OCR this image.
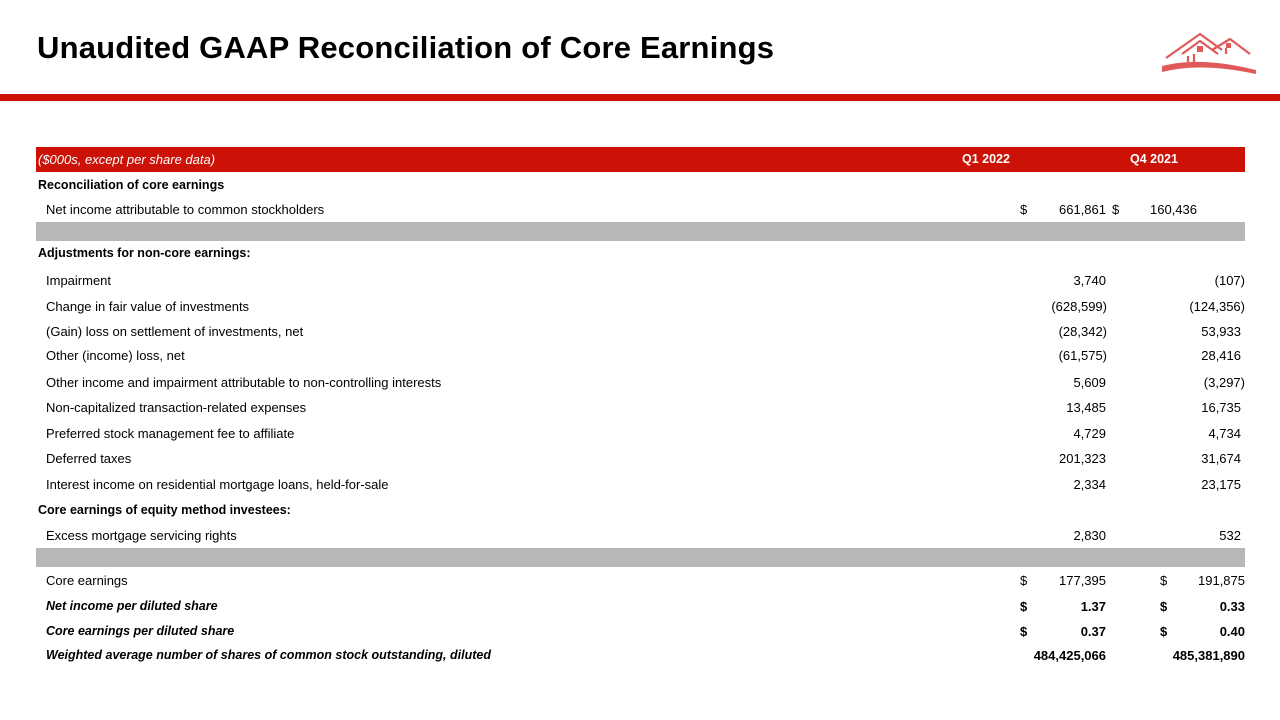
Unaudited GAAP Reconciliation of Core Earnings
($000s, except per share data)	Q1 2022	Q4 2021
Reconciliation of core earnings
Net income attributable to common stockholders	$ 661,861 $ 160,436
Adjustments for non-core earnings:
Impairment	3,740	(107)
Change in fair value of investments	(628,599)	(124,356)
(Gain) loss on settlement of investments, net	(28,342)	53,933
Other (income) loss, net	(61,575)	28,416
Other income and impairment attributable to non-controlling interests	5,609	(3,297)
Non-capitalized transaction-related expenses	13,485	16,735
Preferred stock management fee to affiliate	4,729	4,734
Deferred taxes	201,323	31,674
Interest income on residential mortgage loans, held-for-sale	2,334	23,175
Core earnings of equity method investees:
Excess mortgage servicing rights	2,830	532
Core earnings	$ 177,395	$ 191,875
Net income per diluted share	$	1.37	$	0.33
Core earnings per diluted share	$	0.37	$	0.40
Weighted average number of shares of common stock outstanding, diluted	484,425,066	485,381,890
